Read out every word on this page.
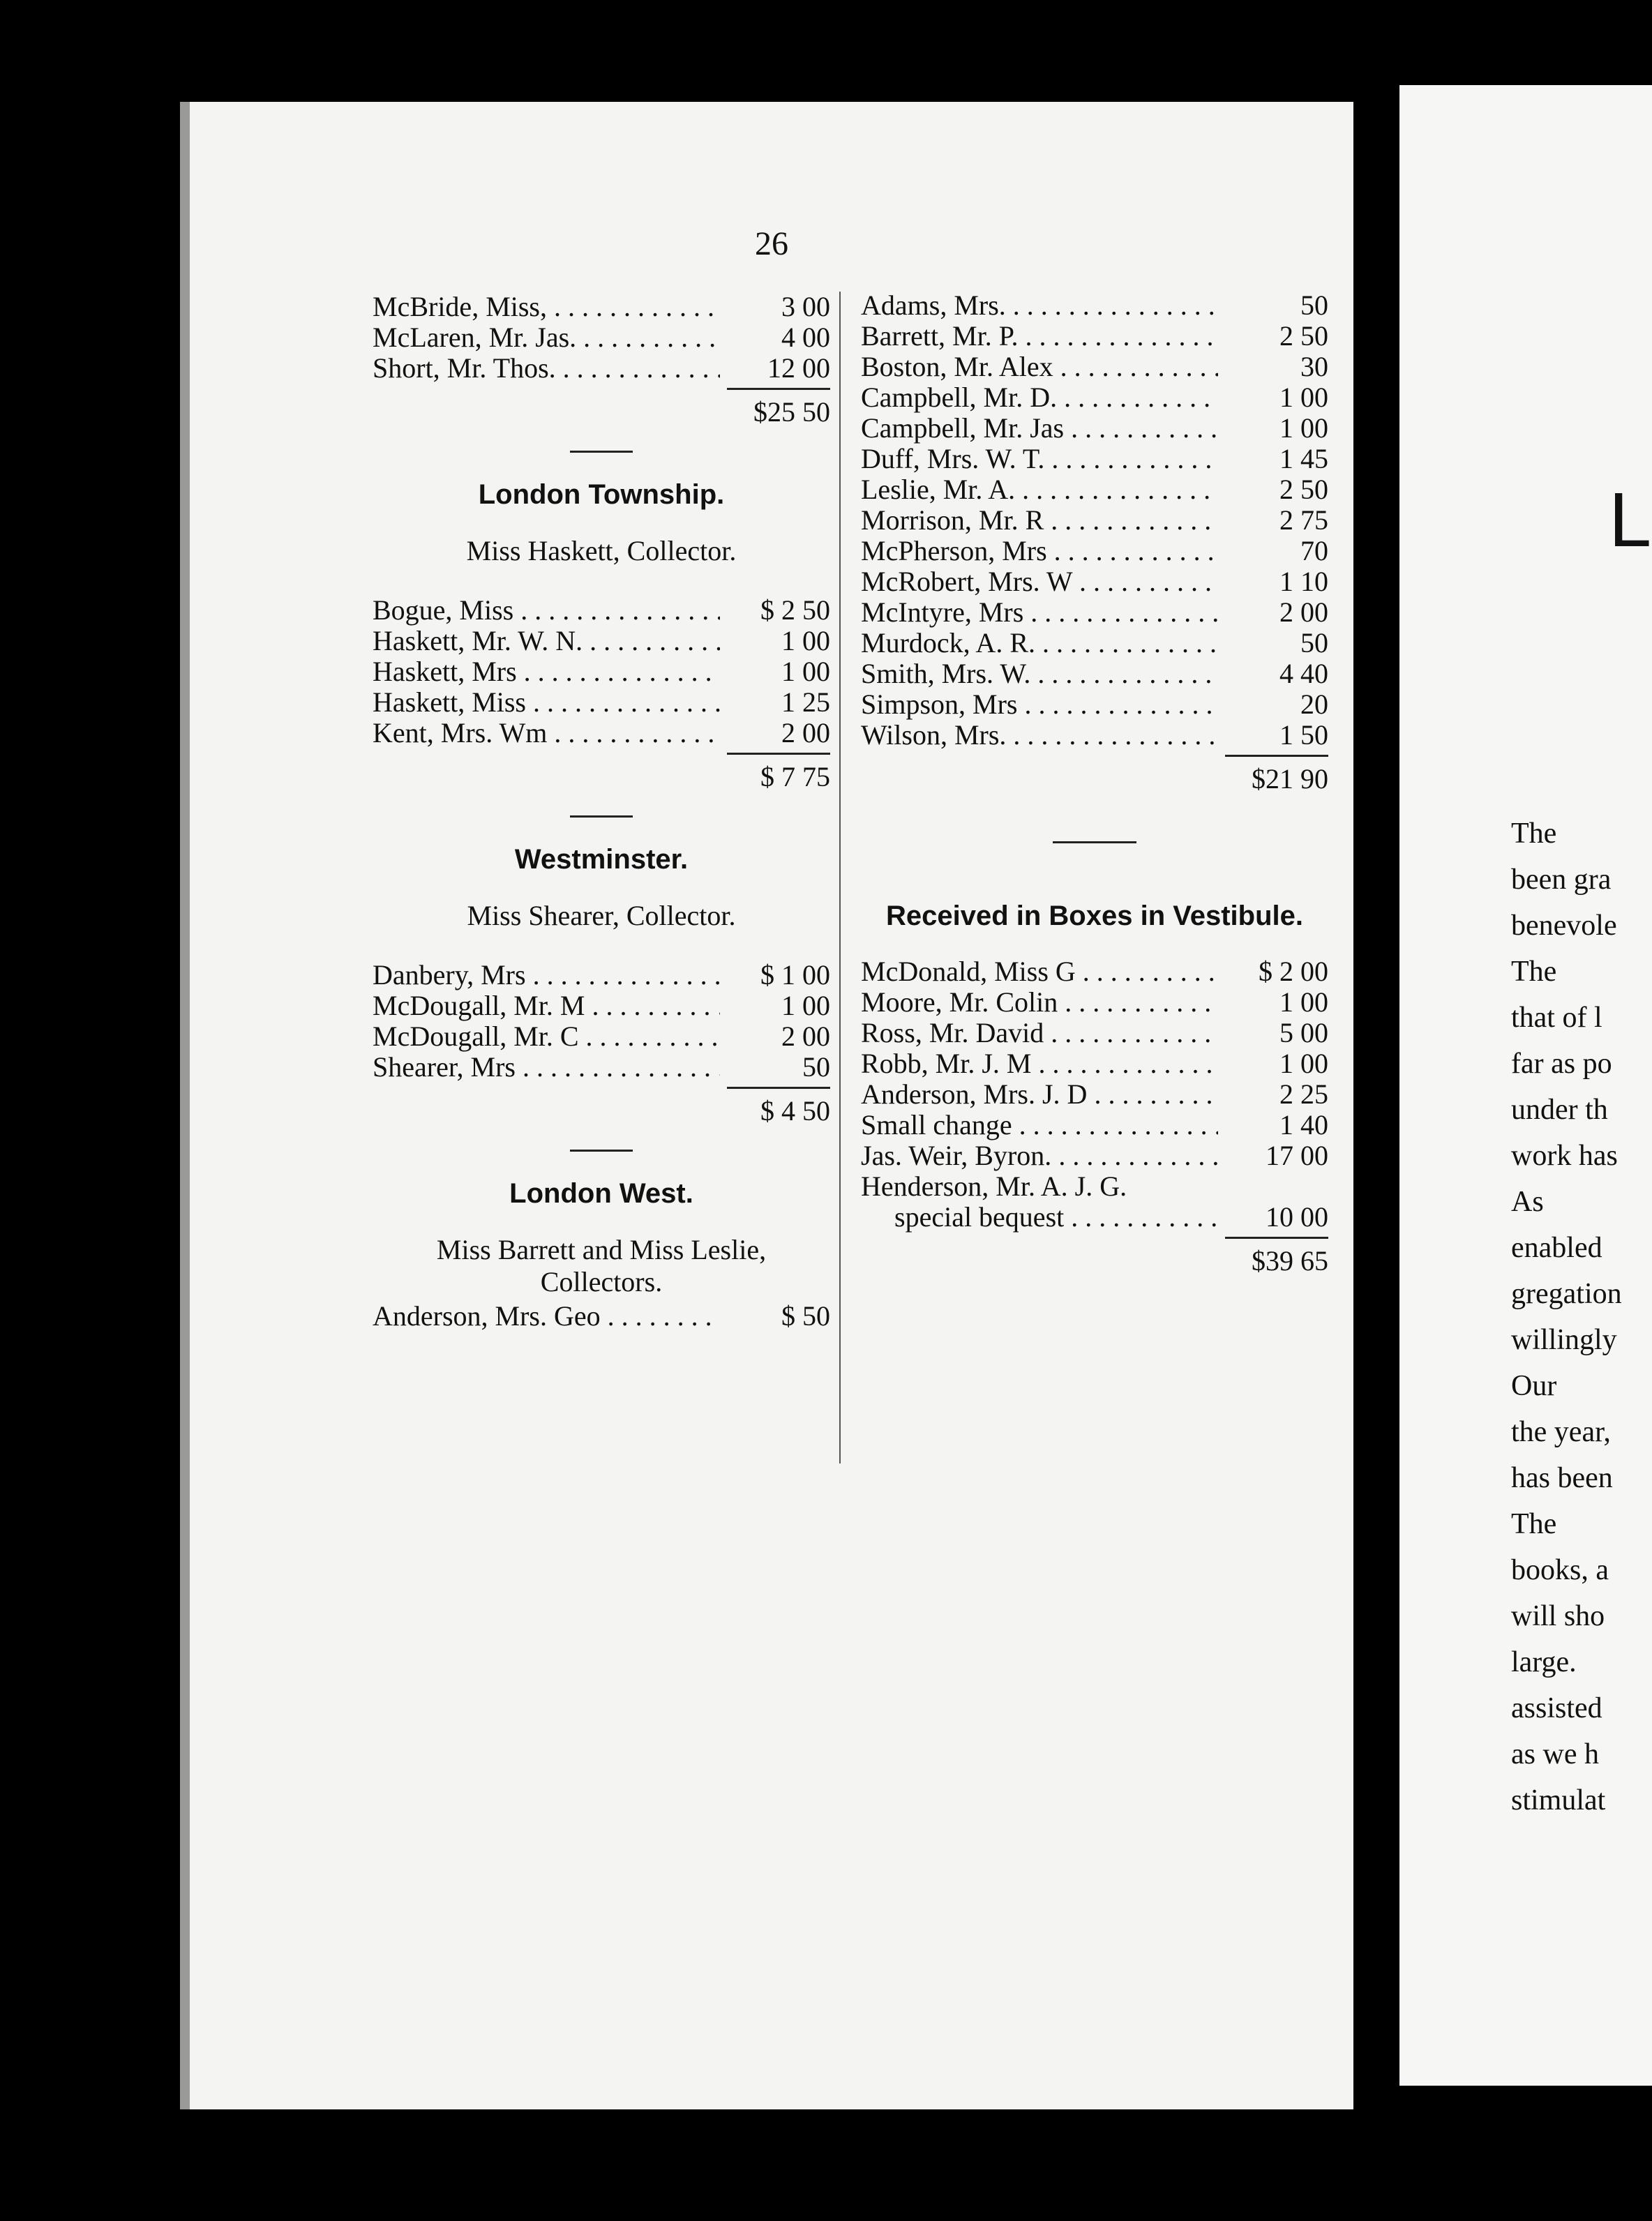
26
McBride, Miss, . . .	3 00
McLaren, Mr. Jas. . . .	4 00
Short, Mr. Thos. . . .	12 00
$25 50
London Township.
Miss Haskett, Collector.
Bogue, Miss . . .	$ 2 50
Haskett, Mr. W. N. . . .	1 00
Haskett, Mrs . . .	1 00
Haskett, Miss . . .	1 25
Kent, Mrs. Wm . . .	2 00
$ 7 75
Westminster.
Miss Shearer, Collector.
Danbery, Mrs . . .	$ 1 00
McDougall, Mr. M . . .	1 00
McDougall, Mr. C . . .	2 00
Shearer, Mrs . . .	50
$ 4 50
London West.
Miss Barrett and Miss Leslie,
Collectors.
Anderson, Mrs. Geo . . .	$ 50
Adams, Mrs. . . .	50
Barrett, Mr. P. . . .	2 50
Boston, Mr. Alex . . .	30
Campbell, Mr. D. . . .	1 00
Campbell, Mr. Jas . . .	1 00
Duff, Mrs. W. T. . . .	1 45
Leslie, Mr. A. . . .	2 50
Morrison, Mr. R . . .	2 75
McPherson, Mrs . . .	70
McRobert, Mrs. W . . .	1 10
McIntyre, Mrs . . .	2 00
Murdock, A. R. . . .	50
Smith, Mrs. W. . . .	4 40
Simpson, Mrs . . .	20
Wilson, Mrs. . . .	1 50
$21 90
Received in Boxes in Vestibule.
McDonald, Miss G . . .	$ 2 00
Moore, Mr. Colin . . .	1 00
Ross, Mr. David . . .	5 00
Robb, Mr. J. M . . .	1 00
Anderson, Mrs. J. D . . .	2 25
Small change . . .	1 40
Jas. Weir, Byron. . . .	17 00
Henderson, Mr. A. J. G.
special bequest . . .	10 00
$39 65
L
The
been gra
benevole
The
that of l
far as po
under th
work has
As
enabled
gregation
willingly
Our
the year,
has been
The
books, a
will sho
large.
assisted
as we h
stimulat
